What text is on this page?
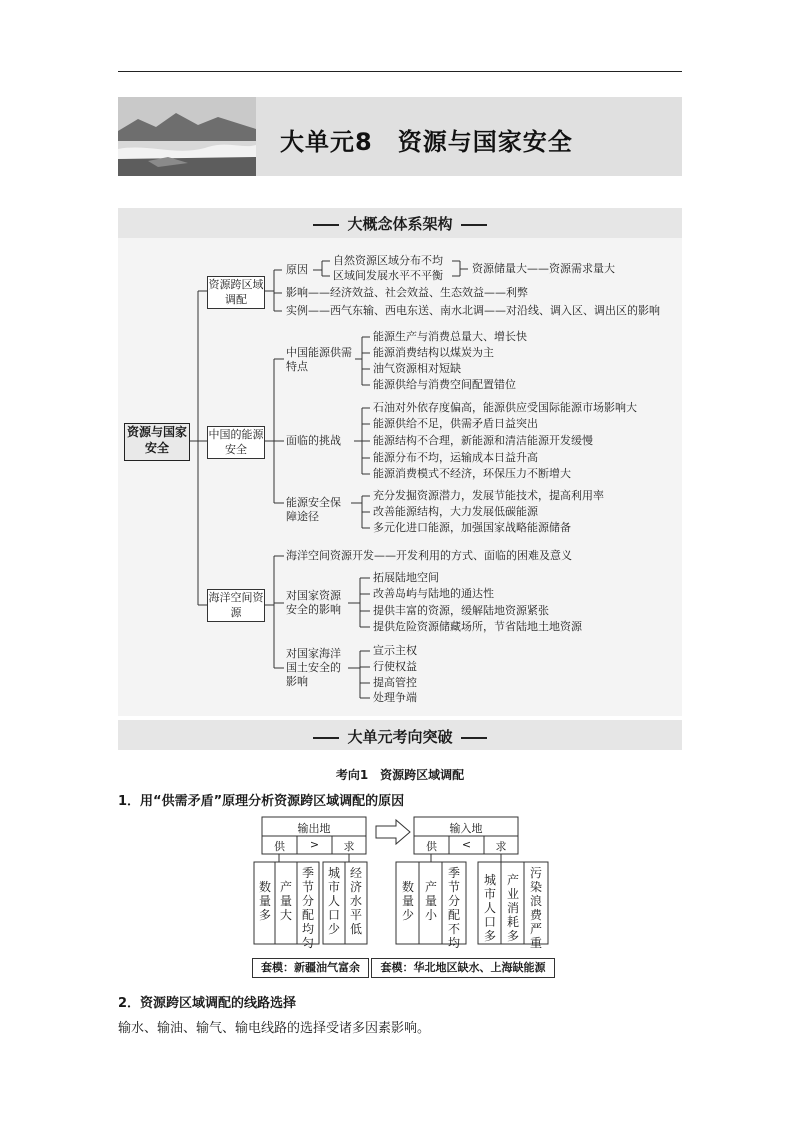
大单元8　资源与国家安全
大概念体系架构
资源与国家安全
资源跨区域调配
原因
自然资源区域分布不均
区域间发展水平不平衡
资源储量大——资源需求量大
影响——经济效益、社会效益、生态效益——利弊
实例——西气东输、西电东送、南水北调——对沿线、调入区、调出区的影响
中国的能源安全
中国能源供需特点
能源生产与消费总量大、增长快
能源消费结构以煤炭为主
油气资源相对短缺
能源供给与消费空间配置错位
面临的挑战
石油对外依存度偏高，能源供应受国际能源市场影响大
能源供给不足，供需矛盾日益突出
能源结构不合理，新能源和清洁能源开发缓慢
能源分布不均，运输成本日益升高
能源消费模式不经济，环保压力不断增大
能源安全保障途径
充分发掘资源潜力，发展节能技术，提高利用率
改善能源结构，大力发展低碳能源
多元化进口能源，加强国家战略能源储备
海洋空间资源
海洋空间资源开发——开发利用的方式、面临的困难及意义
对国家资源安全的影响
拓展陆地空间
改善岛屿与陆地的通达性
提供丰富的资源，缓解陆地资源紧张
提供危险资源储藏场所，节省陆地土地资源
对国家海洋国土安全的影响
宣示主权
行使权益
提高管控
处理争端
大单元考向突破
考向1　资源跨区域调配
1．用“供需矛盾”原理分析资源跨区域调配的原因
输出地
供	>	求
输入地
供	<	求
数量多
产量大
季节分配均匀
城市人口少
经济水平低
数量少
产量小
季节分配不均
城市人口多
产业消耗多
污染浪费严重
套模：新疆油气富余	套模：华北地区缺水、上海缺能源
2．资源跨区域调配的线路选择
输水、输油、输气、输电线路的选择受诸多因素影响。
